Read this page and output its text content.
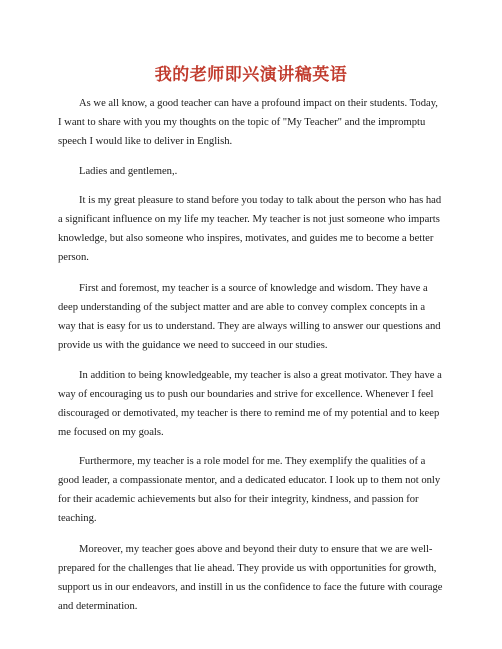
我的老师即兴演讲稿英语

As we all know, a good teacher can have a profound impact on their students. Today, I want to share with you my thoughts on the topic of "My Teacher" and the impromptu speech I would like to deliver in English.

Ladies and gentlemen,.

It is my great pleasure to stand before you today to talk about the person who has had a significant influence on my life my teacher. My teacher is not just someone who imparts knowledge, but also someone who inspires, motivates, and guides me to become a better person.

First and foremost, my teacher is a source of knowledge and wisdom. They have a deep understanding of the subject matter and are able to convey complex concepts in a way that is easy for us to understand. They are always willing to answer our questions and provide us with the guidance we need to succeed in our studies.

In addition to being knowledgeable, my teacher is also a great motivator. They have a way of encouraging us to push our boundaries and strive for excellence. Whenever I feel discouraged or demotivated, my teacher is there to remind me of my potential and to keep me focused on my goals.

Furthermore, my teacher is a role model for me. They exemplify the qualities of a good leader, a compassionate mentor, and a dedicated educator. I look up to them not only for their academic achievements but also for their integrity, kindness, and passion for teaching.

Moreover, my teacher goes above and beyond their duty to ensure that we are well-prepared for the challenges that lie ahead. They provide us with opportunities for growth, support us in our endeavors, and instill in us the confidence to face the future with courage and determination.
